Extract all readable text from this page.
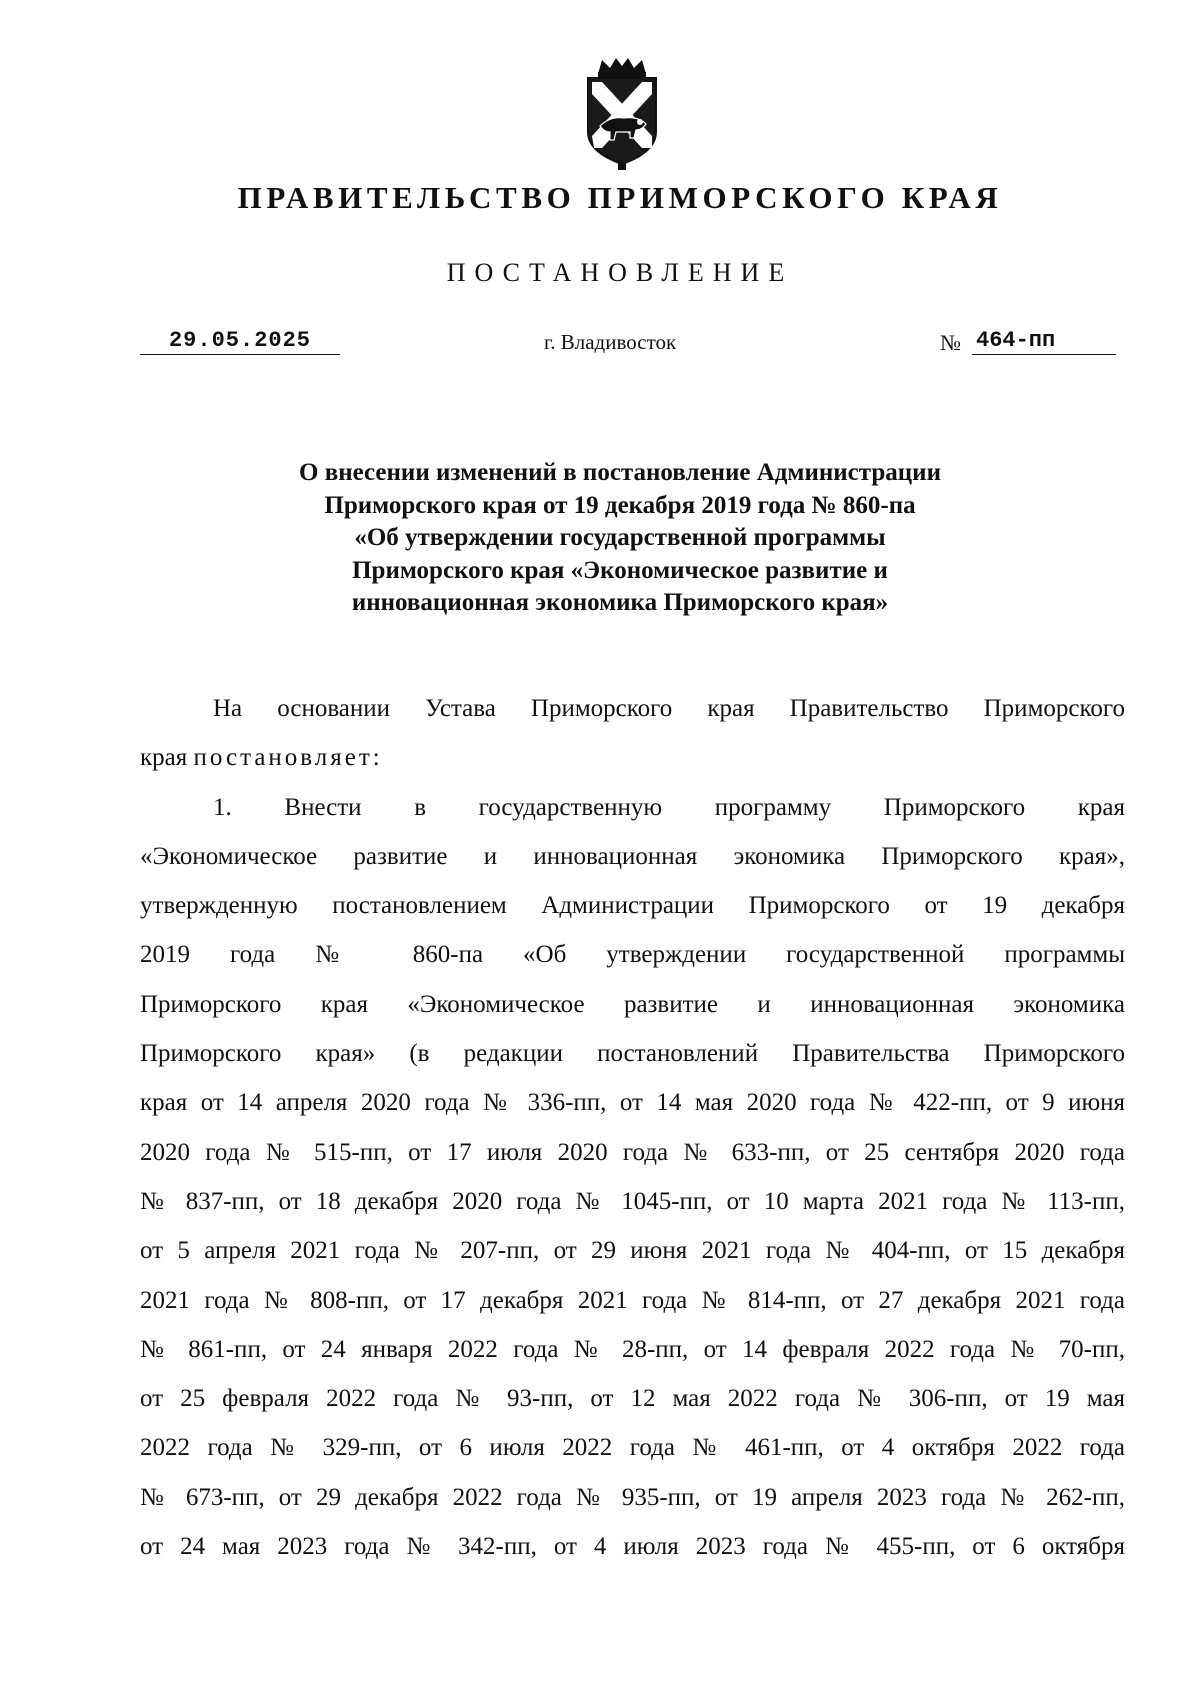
ПРАВИТЕЛЬСТВО ПРИМОРСКОГО КРАЯ
ПОСТАНОВЛЕНИЕ
29.05.2025	г. Владивосток	№ 464-пп
О внесении изменений в постановление Администрации
Приморского края от 19 декабря 2019 года № 860-па
«Об утверждении государственной программы
Приморского края «Экономическое развитие и
инновационная экономика Приморского края»
На основании Устава Приморского края Правительство Приморского
края постановляет:
1. Внести в государственную программу Приморского края
«Экономическое развитие и инновационная экономика Приморского края»,
утвержденную постановлением Администрации Приморского от 19 декабря
2019 года № 860-па «Об утверждении государственной программы
Приморского края «Экономическое развитие и инновационная экономика
Приморского края» (в редакции постановлений Правительства Приморского
края от 14 апреля 2020 года № 336-пп, от 14 мая 2020 года № 422-пп, от 9 июня
2020 года № 515-пп, от 17 июля 2020 года № 633-пп, от 25 сентября 2020 года
№ 837-пп, от 18 декабря 2020 года № 1045-пп, от 10 марта 2021 года № 113-пп,
от 5 апреля 2021 года № 207-пп, от 29 июня 2021 года № 404-пп, от 15 декабря
2021 года № 808-пп, от 17 декабря 2021 года № 814-пп, от 27 декабря 2021 года
№ 861-пп, от 24 января 2022 года № 28-пп, от 14 февраля 2022 года № 70-пп,
от 25 февраля 2022 года № 93-пп, от 12 мая 2022 года № 306-пп, от 19 мая
2022 года № 329-пп, от 6 июля 2022 года № 461-пп, от 4 октября 2022 года
№ 673-пп, от 29 декабря 2022 года № 935-пп, от 19 апреля 2023 года № 262-пп,
от 24 мая 2023 года № 342-пп, от 4 июля 2023 года № 455-пп, от 6 октября
